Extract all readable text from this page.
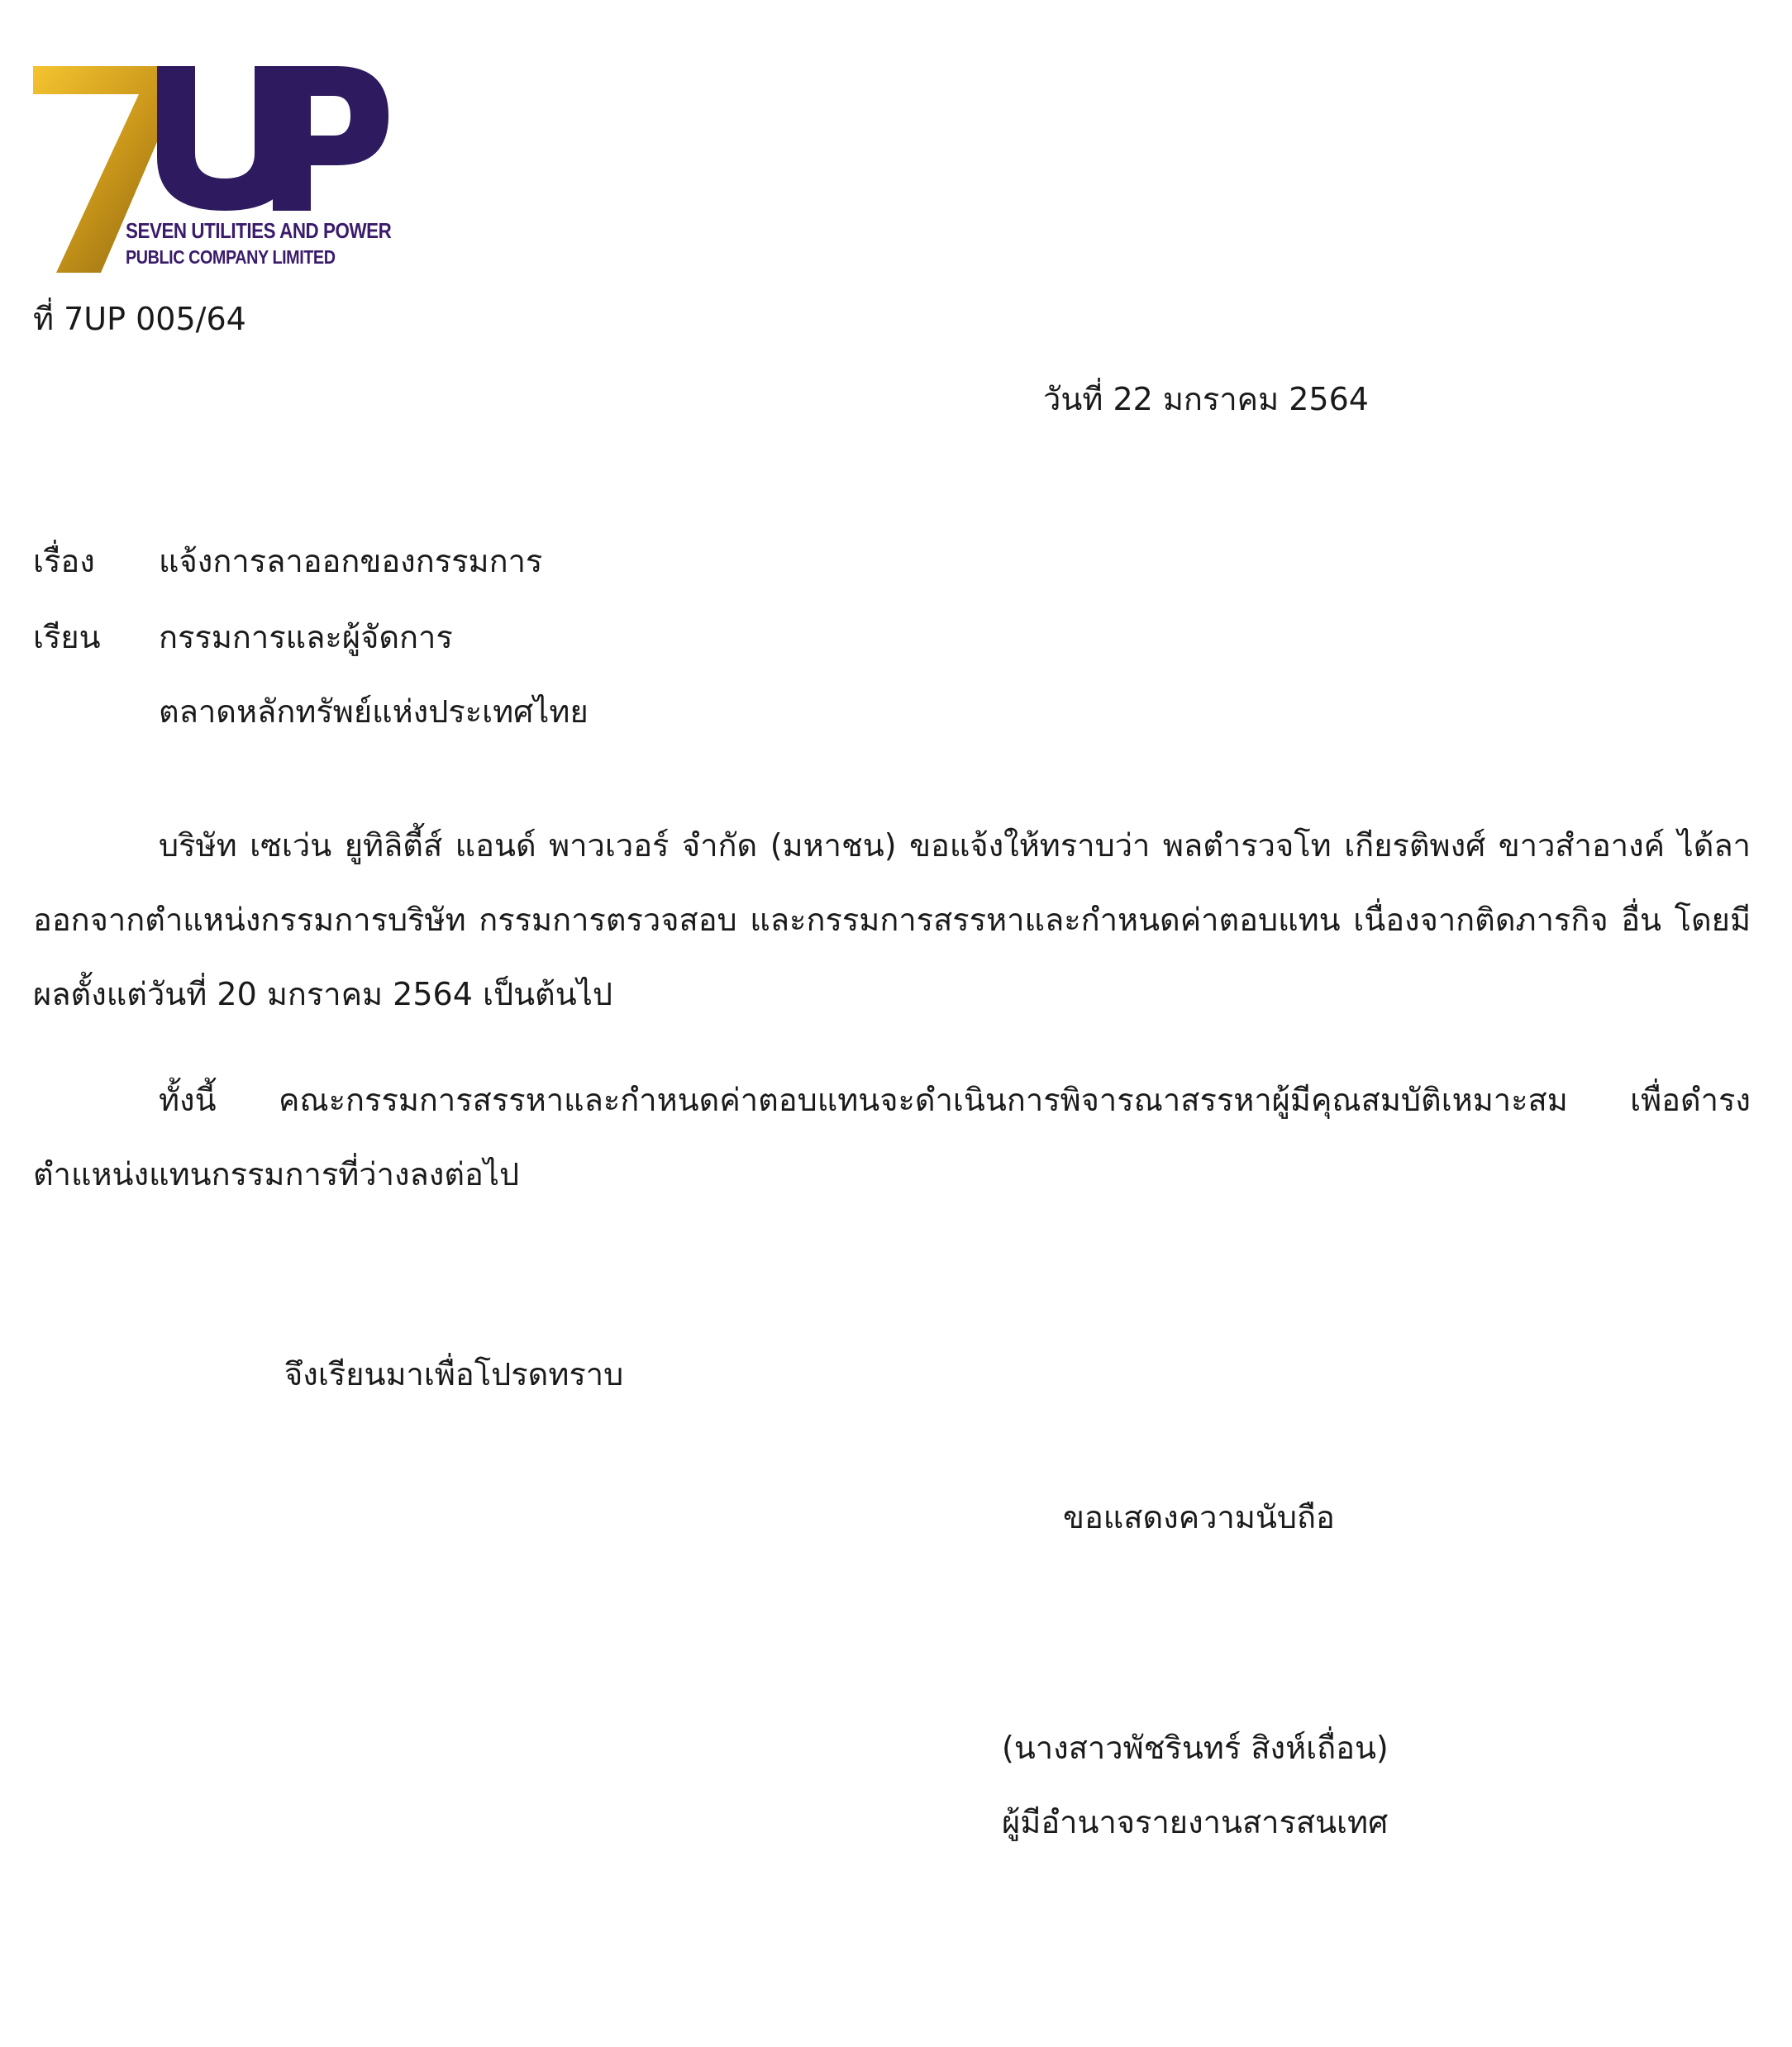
SEVEN UTILITIES AND POWER
PUBLIC COMPANY LIMITED
ที่ 7UP 005/64
วันที่ 22 มกราคม 2564
เรื่อง แจ้งการลาออกของกรรมการ
เรียน กรรมการและผู้จัดการ
ตลาดหลักทรัพย์แห่งประเทศไทย
บริษัท เซเว่น ยูทิลิตี้ส์ แอนด์ พาวเวอร์ จำกัด (มหาชน) ขอแจ้งให้ทราบว่า พลตำรวจโท เกียรติพงศ์ ขาวสำอางค์ ได้ลาออกจากตำแหน่งกรรมการบริษัท กรรมการตรวจสอบ และกรรมการสรรหาและกำหนดค่าตอบแทน เนื่องจากติดภารกิจ อื่น โดยมีผลตั้งแต่วันที่ 20 มกราคม 2564 เป็นต้นไป
ทั้งนี้ คณะกรรมการสรรหาและกำหนดค่าตอบแทนจะดำเนินการพิจารณาสรรหาผู้มีคุณสมบัติเหมาะสม เพื่อดำรง ตำแหน่งแทนกรรมการที่ว่างลงต่อไป
จึงเรียนมาเพื่อโปรดทราบ
ขอแสดงความนับถือ
(นางสาวพัชรินทร์ สิงห์เถื่อน)
ผู้มีอำนาจรายงานสารสนเทศ
